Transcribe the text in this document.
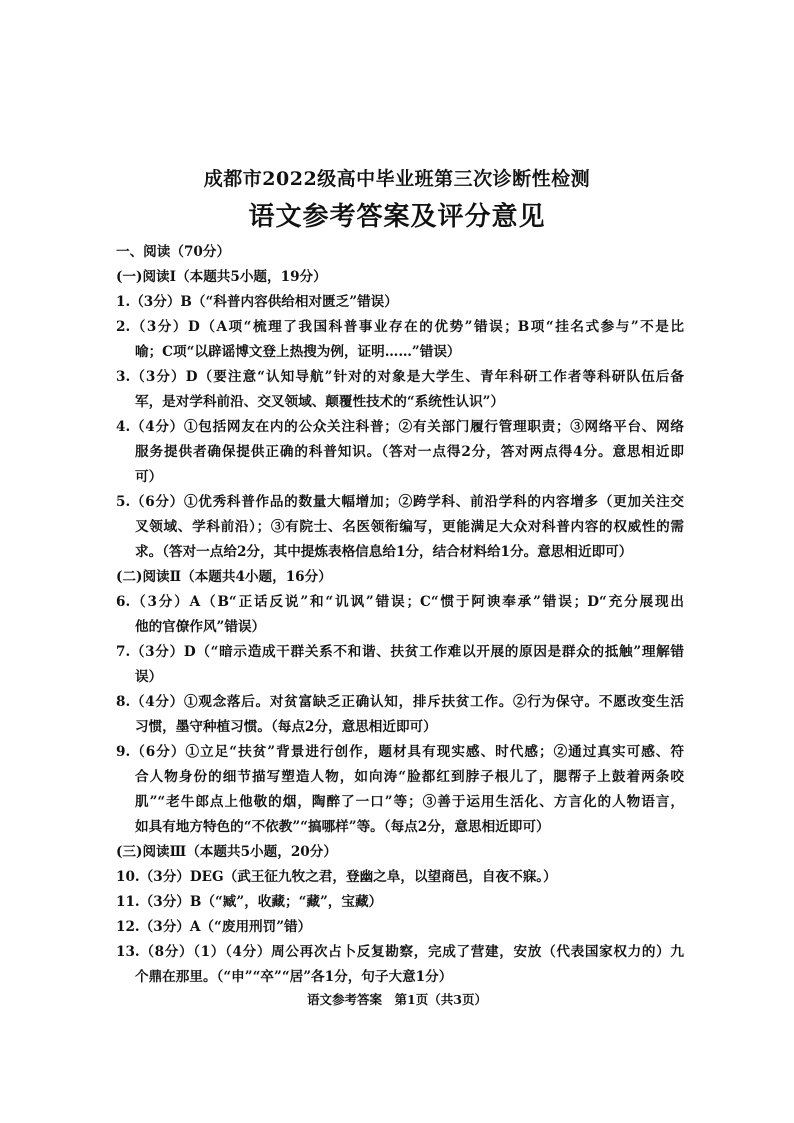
成都市2022级高中毕业班第三次诊断性检测
语文参考答案及评分意见
一、阅读（70分）
(一)阅读Ⅰ（本题共5小题，19分）
1.（3分）B（“科普内容供给相对匮乏”错误）
2.（3分）D（A项“梳理了我国科普事业存在的优势”错误；B项“挂名式参与”不是比
喻；C项“以辟谣博文登上热搜为例，证明……”错误）
3.（3分）D（要注意“认知导航”针对的对象是大学生、青年科研工作者等科研队伍后备
军，是对学科前沿、交叉领域、颠覆性技术的“系统性认识”）
4.（4分）①包括网友在内的公众关注科普；②有关部门履行管理职责；③网络平台、网络
服务提供者确保提供正确的科普知识。（答对一点得2分，答对两点得4分。意思相近即
可）
5.（6分）①优秀科普作品的数量大幅增加；②跨学科、前沿学科的内容增多（更加关注交
叉领域、学科前沿）；③有院士、名医领衔编写，更能满足大众对科普内容的权威性的需
求。（答对一点给2分，其中提炼表格信息给1分，结合材料给1分。意思相近即可）
(二)阅读Ⅱ（本题共4小题，16分）
6.（3分）A（B“正话反说”和“讥讽”错误；C“惯于阿谀奉承”错误；D“充分展现出
他的官僚作风”错误）
7.（3分）D（“暗示造成干群关系不和谐、扶贫工作难以开展的原因是群众的抵触”理解错
误）
8.（4分）①观念落后。对贫富缺乏正确认知，排斥扶贫工作。②行为保守。不愿改变生活
习惯，墨守种植习惯。（每点2分，意思相近即可）
9.（6分）①立足“扶贫”背景进行创作，题材具有现实感、时代感；②通过真实可感、符
合人物身份的细节描写塑造人物，如向涛“脸都红到脖子根儿了，腮帮子上鼓着两条咬
肌”“老牛郎点上他敬的烟，陶醉了一口”等；③善于运用生活化、方言化的人物语言，
如具有地方特色的“不依教”“搞哪样”等。（每点2分，意思相近即可）
(三)阅读Ⅲ（本题共5小题，20分）
10.（3分）DEG（武王征九牧之君，登幽之阜，以望商邑，自夜不寐。）
11.（3分）B（“臧”，收藏；“藏”，宝藏）
12.（3分）A（“废用刑罚”错）
13.（8分）（1）（4分）周公再次占卜反复勘察，完成了营建，安放（代表国家权力的）九
个鼎在那里。（“申”“卒”“居”各1分，句子大意1分）
语文参考答案　第1页（共3页）
